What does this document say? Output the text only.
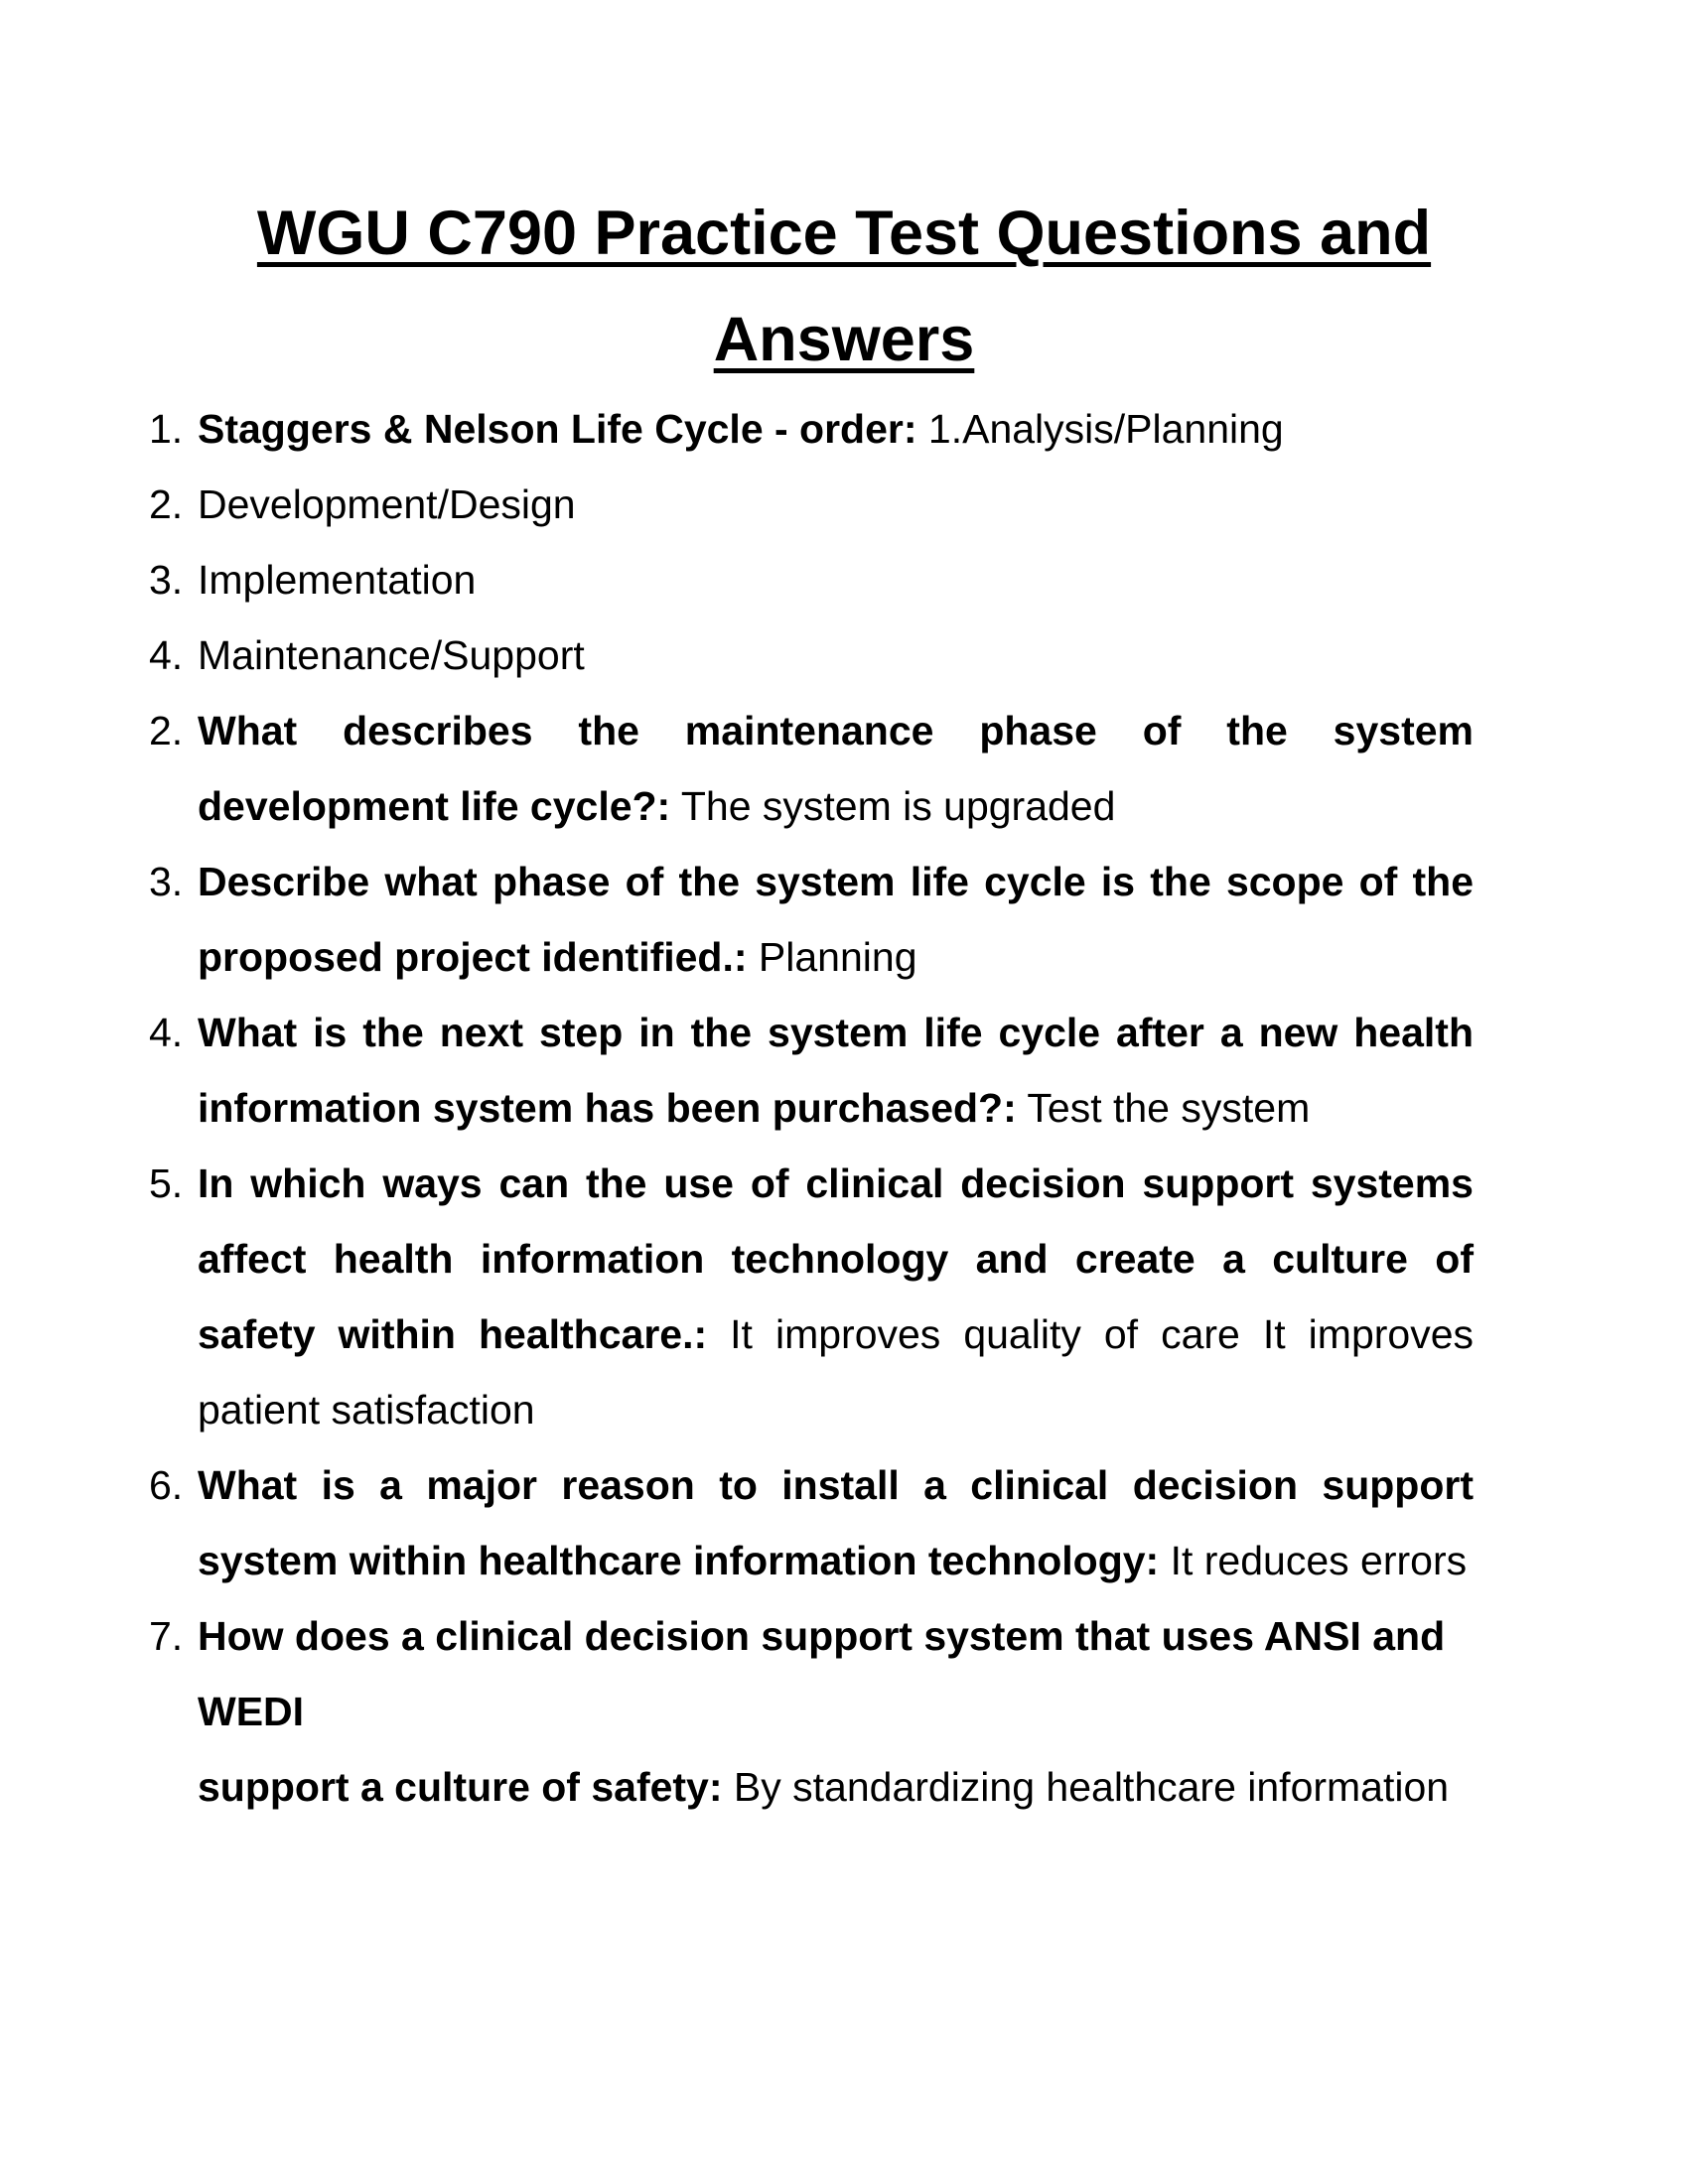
WGU C790 Practice Test Questions and
Answers
1. Staggers & Nelson Life Cycle - order: 1.Analysis/Planning
2. Development/Design
3. Implementation
4. Maintenance/Support
2. What describes the maintenance phase of the system development life cycle?: The system is upgraded
3. Describe what phase of the system life cycle is the scope of the proposed project identified.: Planning
4. What is the next step in the system life cycle after a new health information system has been purchased?: Test the system
5. In which ways can the use of clinical decision support systems affect health information technology and create a culture of safety within healthcare.: It improves quality of care It improves patient satisfaction
6. What is a major reason to install a clinical decision support system within healthcare information technology: It reduces errors
7. How does a clinical decision support system that uses ANSI and WEDI
support a culture of safety: By standardizing healthcare information
